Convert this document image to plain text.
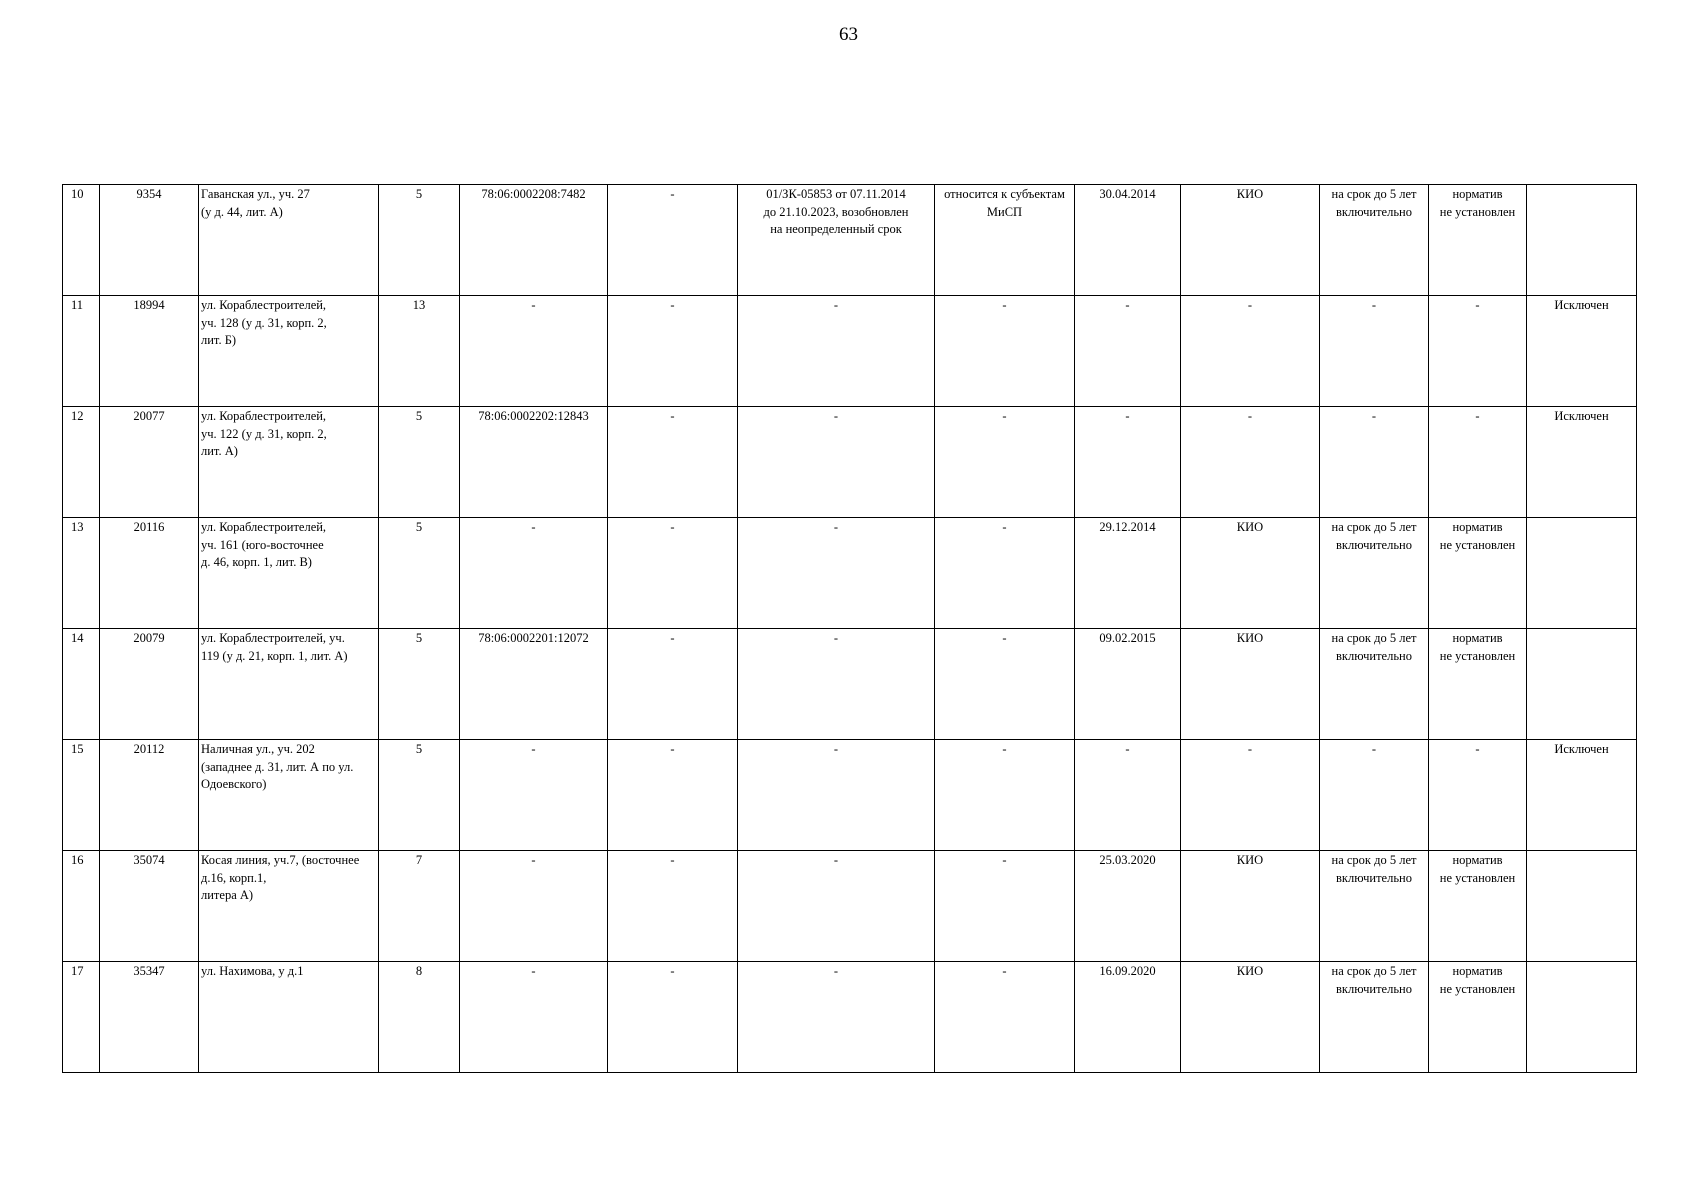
63
10	9354	Гаванская ул., уч. 27
(у д. 44, лит. А)	5	78:06:0002208:7482	-	01/ЗК-05853 от 07.11.2014
до 21.10.2023, возобновлен
на неопределенный срок	относится к субъектам
МиСП	30.04.2014	КИО	на срок до 5 лет
включительно	норматив
не установлен	
11	18994	ул. Кораблестроителей,
уч. 128 (у д. 31, корп. 2,
лит. Б)	13	-	-	-	-	-	-	-	-	Исключен
12	20077	ул. Кораблестроителей,
уч. 122 (у д. 31, корп. 2,
лит. А)	5	78:06:0002202:12843	-	-	-	-	-	-	-	Исключен
13	20116	ул. Кораблестроителей,
уч. 161 (юго-восточнее
д. 46, корп. 1, лит. В)	5	-	-	-	-	29.12.2014	КИО	на срок до 5 лет
включительно	норматив
не установлен	
14	20079	ул. Кораблестроителей, уч.
119 (у д. 21, корп. 1, лит. А)	5	78:06:0002201:12072	-	-	-	09.02.2015	КИО	на срок до 5 лет
включительно	норматив
не установлен	
15	20112	Наличная ул., уч. 202
(западнее д. 31, лит. А по ул.
Одоевского)	5	-	-	-	-	-	-	-	-	Исключен
16	35074	Косая линия, уч.7, (восточнее
д.16, корп.1,
литера А)	7	-	-	-	-	25.03.2020	КИО	на срок до 5 лет
включительно	норматив
не установлен	
17	35347	ул. Нахимова, у д.1	8	-	-	-	-	16.09.2020	КИО	на срок до 5 лет
включительно	норматив
не установлен	
